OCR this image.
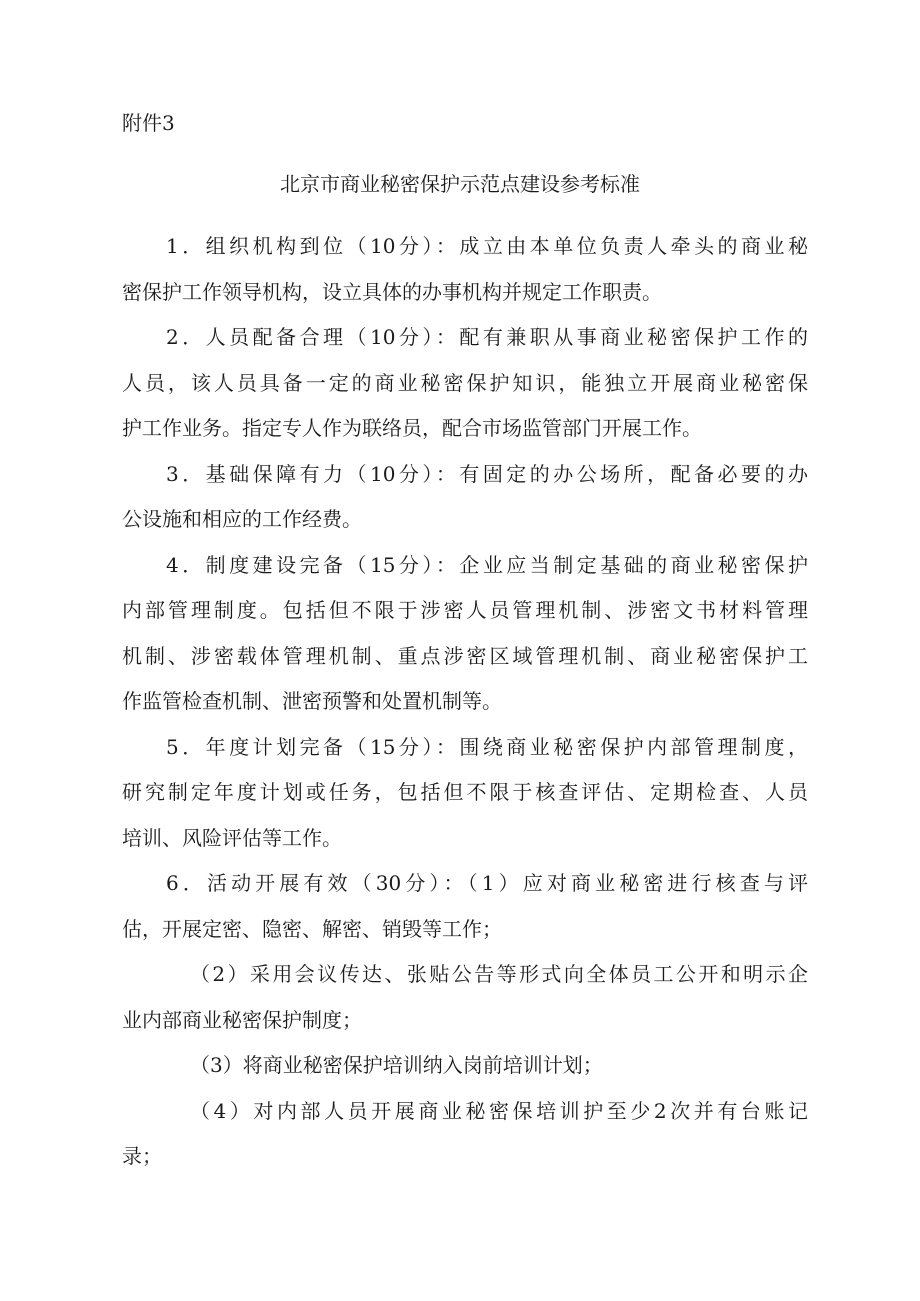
附件3
北京市商业秘密保护示范点建设参考标准
1．组织机构到位（10分）：成立由本单位负责人牵头的商业秘
密保护工作领导机构，设立具体的办事机构并规定工作职责。
2．人员配备合理（10分）：配有兼职从事商业秘密保护工作的
人员，该人员具备一定的商业秘密保护知识，能独立开展商业秘密保
护工作业务。指定专人作为联络员，配合市场监管部门开展工作。
3．基础保障有力（10分）：有固定的办公场所，配备必要的办
公设施和相应的工作经费。
4．制度建设完备（15分）：企业应当制定基础的商业秘密保护
内部管理制度。包括但不限于涉密人员管理机制、涉密文书材料管理
机制、涉密载体管理机制、重点涉密区域管理机制、商业秘密保护工
作监管检查机制、泄密预警和处置机制等。
5．年度计划完备（15分）：围绕商业秘密保护内部管理制度，
研究制定年度计划或任务，包括但不限于核查评估、定期检查、人员
培训、风险评估等工作。
6．活动开展有效（30分）：（1）应对商业秘密进行核查与评
估，开展定密、隐密、解密、销毁等工作；
（2）采用会议传达、张贴公告等形式向全体员工公开和明示企
业内部商业秘密保护制度；
（3）将商业秘密保护培训纳入岗前培训计划；
（4）对内部人员开展商业秘密保培训护至少2次并有台账记
录；
